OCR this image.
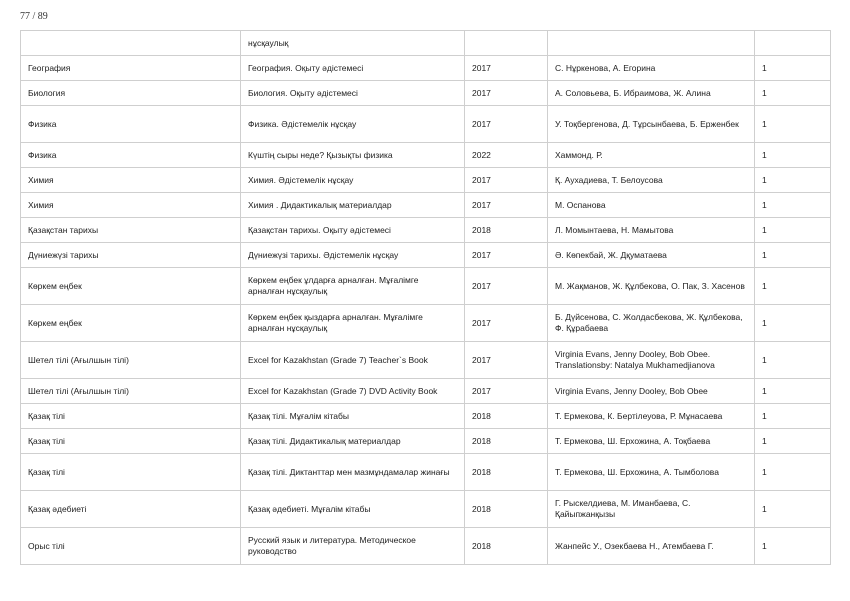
77 / 89
	нұсқаулық			
География	География. Оқыту әдістемесі	2017	С. Нұркенова, А. Егорина	1
Биология	Биология. Оқыту әдістемесі	2017	А. Соловьева, Б. Ибраимова, Ж. Алина	1
Физика	Физика. Әдістемелік нұсқау	2017	У. Тоқбергенова, Д. Тұрсынбаева, Б. Ерженбек	1
Физика	Күштің сыры неде? Қызықты физика	2022	Хаммонд. Р.	1
Химия	Химия. Әдістемелік нұсқау	2017	Қ. Аухадиева, Т. Белоусова	1
Химия	Химия . Дидактикалық материалдар	2017	М. Оспанова	1
Қазақстан тарихы	Қазақстан тарихы. Оқыту әдістемесі	2018	Л. Момынтаева, Н. Мамытова	1
Дүниежүзі тарихы	Дүниежүзі тарихы. Әдістемелік нұсқау	2017	Ә. Көпекбай, Ж. Дқуматаева	1
Көркем еңбек	Көркем еңбек ұлдарға арналған. Мұғалімге арналған нұсқаулық	2017	М. Жақманов, Ж. Құлбекова, О. Пак, З. Хасенов	1
Көркем еңбек	Көркем еңбек қыздарға арналған. Мұғалімге арналған нұсқаулық	2017	Б. Дүйсенова, С. Жолдасбекова, Ж. Құлбекова, Ф. Құрабаева	1
Шетел тілі (Ағылшын тілі)	Excel for Kazakhstan (Grade 7) Teacher`s Book	2017	Virginia Evans, Jenny Dooley, Bob Obee. Translationsby: Natalya Mukhamedjianova	1
Шетел тілі (Ағылшын тілі)	Excel for Kazakhstan (Grade 7) DVD Activity Book	2017	Virginia Evans, Jenny Dooley, Bob Obee	1
Қазақ тілі	Қазақ тілі. Мұғалім кітабы	2018	Т. Ермекова, К. Бертілеуова, Р. Мұнасаева	1
Қазақ тілі	Қазақ тілі. Дидактикалық материалдар	2018	Т. Ермекова, Ш. Ерхожина, А. Тоқбаева	1
Қазақ тілі	Қазақ тілі. Диктанттар мен мазмұндамалар жинағы	2018	Т. Ермекова, Ш. Ерхожина, А. Тымболова	1
Қазақ әдебиеті	Қазақ әдебиеті. Мұғалім кітабы	2018	Г. Рыскелдиева, М. Иманбаева, С. Қайыпжанқызы	1
Орыс тілі	Русский язык и литература. Методическое руководство	2018	Жанпейс У., Озекбаева Н., Атембаева Г.	1
